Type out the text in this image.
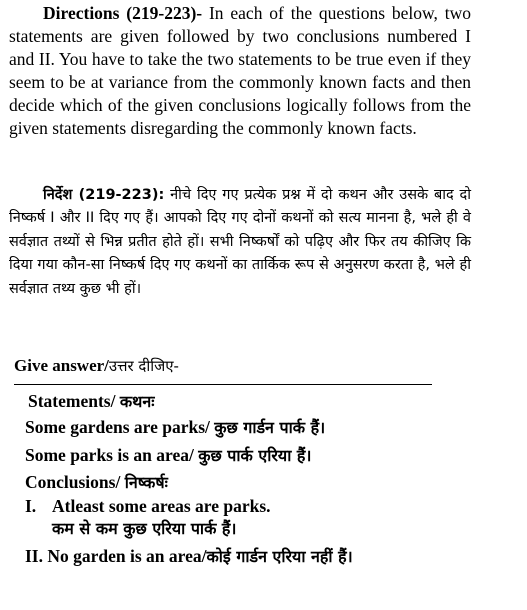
Directions (219-223)- In each of the questions below, two statements are given followed by two conclusions numbered I and II. You have to take the two statements to be true even if they seem to be at variance from the commonly known facts and then decide which of the given conclusions logically follows from the given statements disregarding the commonly known facts.
निर्देश (219-223): नीचे दिए गए प्रत्येक प्रश्न में दो कथन और उसके बाद दो निष्कर्ष I और II दिए गए हैं। आपको दिए गए दोनों कथनों को सत्य मानना है, भले ही वे सर्वज्ञात तथ्यों से भिन्न प्रतीत होते हों। सभी निष्कर्षों को पढ़िए और फिर तय कीजिए कि दिया गया कौन-सा निष्कर्ष दिए गए कथनों का तार्किक रूप से अनुसरण करता है, भले ही सर्वज्ञात तथ्य कुछ भी हों।
Give answer/उत्तर दीजिए-
Statements/ कथनः
Some gardens are parks/ कुछ गार्डन पार्क हैं।
Some parks is an area/ कुछ पार्क एरिया हैं।
Conclusions/ निष्कर्षः
I. Atleast some areas are parks.
कम से कम कुछ एरिया पार्क हैं।
II. No garden is an area/कोई गार्डन एरिया नहीं हैं।
